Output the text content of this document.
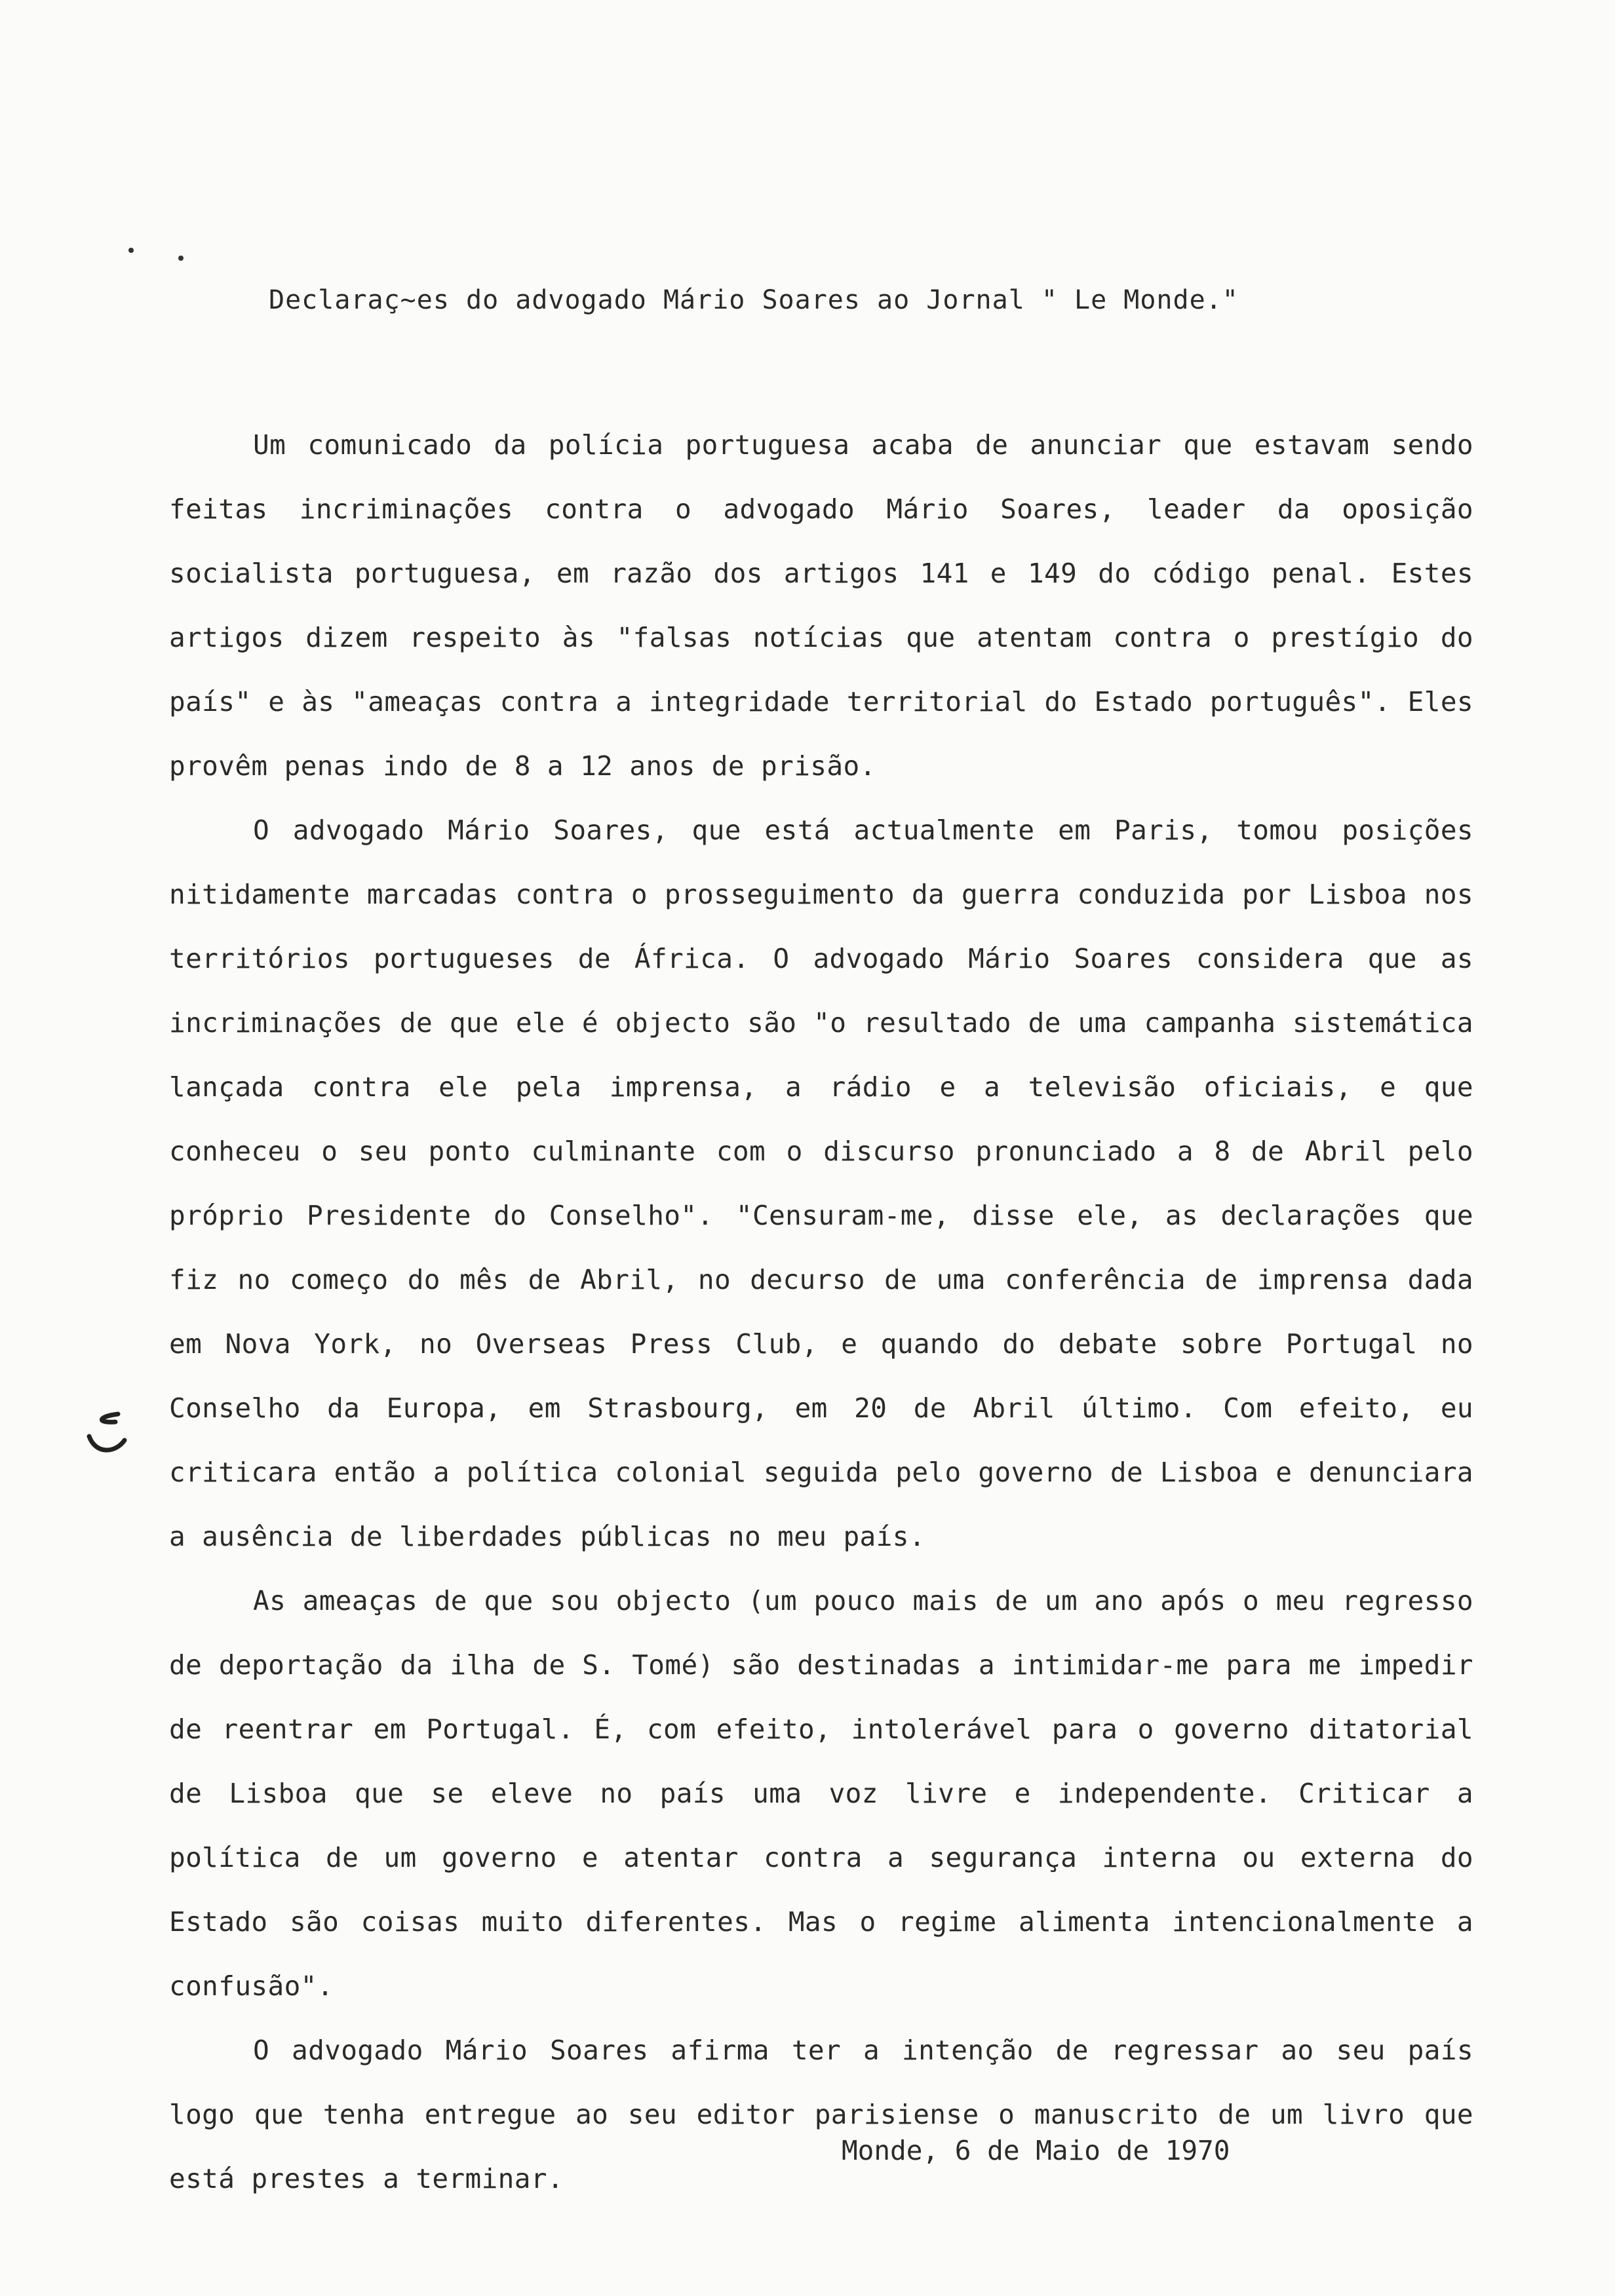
Declaraç~es do advogado Mário Soares ao Jornal " Le Monde."

Um comunicado da polícia portuguesa acaba de anunciar que estavam sendo feitas incriminações contra o advogado Mário Soares, leader da oposição socialista portuguesa, em razão dos artigos 141 e 149 do código penal. Estes artigos dizem respeito às "falsas notícias que atentam contra o prestígio do país" e às "ameaças contra a integridade territorial do Estado português". Eles provêm penas indo de 8 a 12 anos de prisão.

O advogado Mário Soares, que está actualmente em Paris, tomou posições nitidamente marcadas contra o prosseguimento da guerra conduzida por Lisboa nos territórios portugueses de África. O advogado Mário Soares considera que as incriminações de que ele é objecto são "o resultado de uma campanha sistemática lançada contra ele pela imprensa, a rádio e a televisão oficiais, e que conheceu o seu ponto culminante com o discurso pronunciado a 8 de Abril pelo próprio Presidente do Conselho". "Censuram-me, disse ele, as declarações que fiz no começo do mês de Abril, no decurso de uma conferência de imprensa dada em Nova York, no Overseas Press Club, e quando do debate sobre Portugal no Conselho da Europa, em Strasbourg, em 20 de Abril último. Com efeito, eu criticara então a política colonial seguida pelo governo de Lisboa e denunciara a ausência de liberdades públicas no meu país.

As ameaças de que sou objecto (um pouco mais de um ano após o meu regresso de deportação da ilha de S. Tomé) são destinadas a intimidar-me para me impedir de reentrar em Portugal. É, com efeito, intolerável para o governo ditatorial de Lisboa que se eleve no país uma voz livre e independente. Criticar a política de um governo e atentar contra a segurança interna ou externa do Estado são coisas muito diferentes. Mas o regime alimenta intencionalmente a confusão".

O advogado Mário Soares afirma ter a intenção de regressar ao seu país logo que tenha entregue ao seu editor parisiense o manuscrito de um livro que está prestes a terminar.

Monde, 6 de Maio de 1970
